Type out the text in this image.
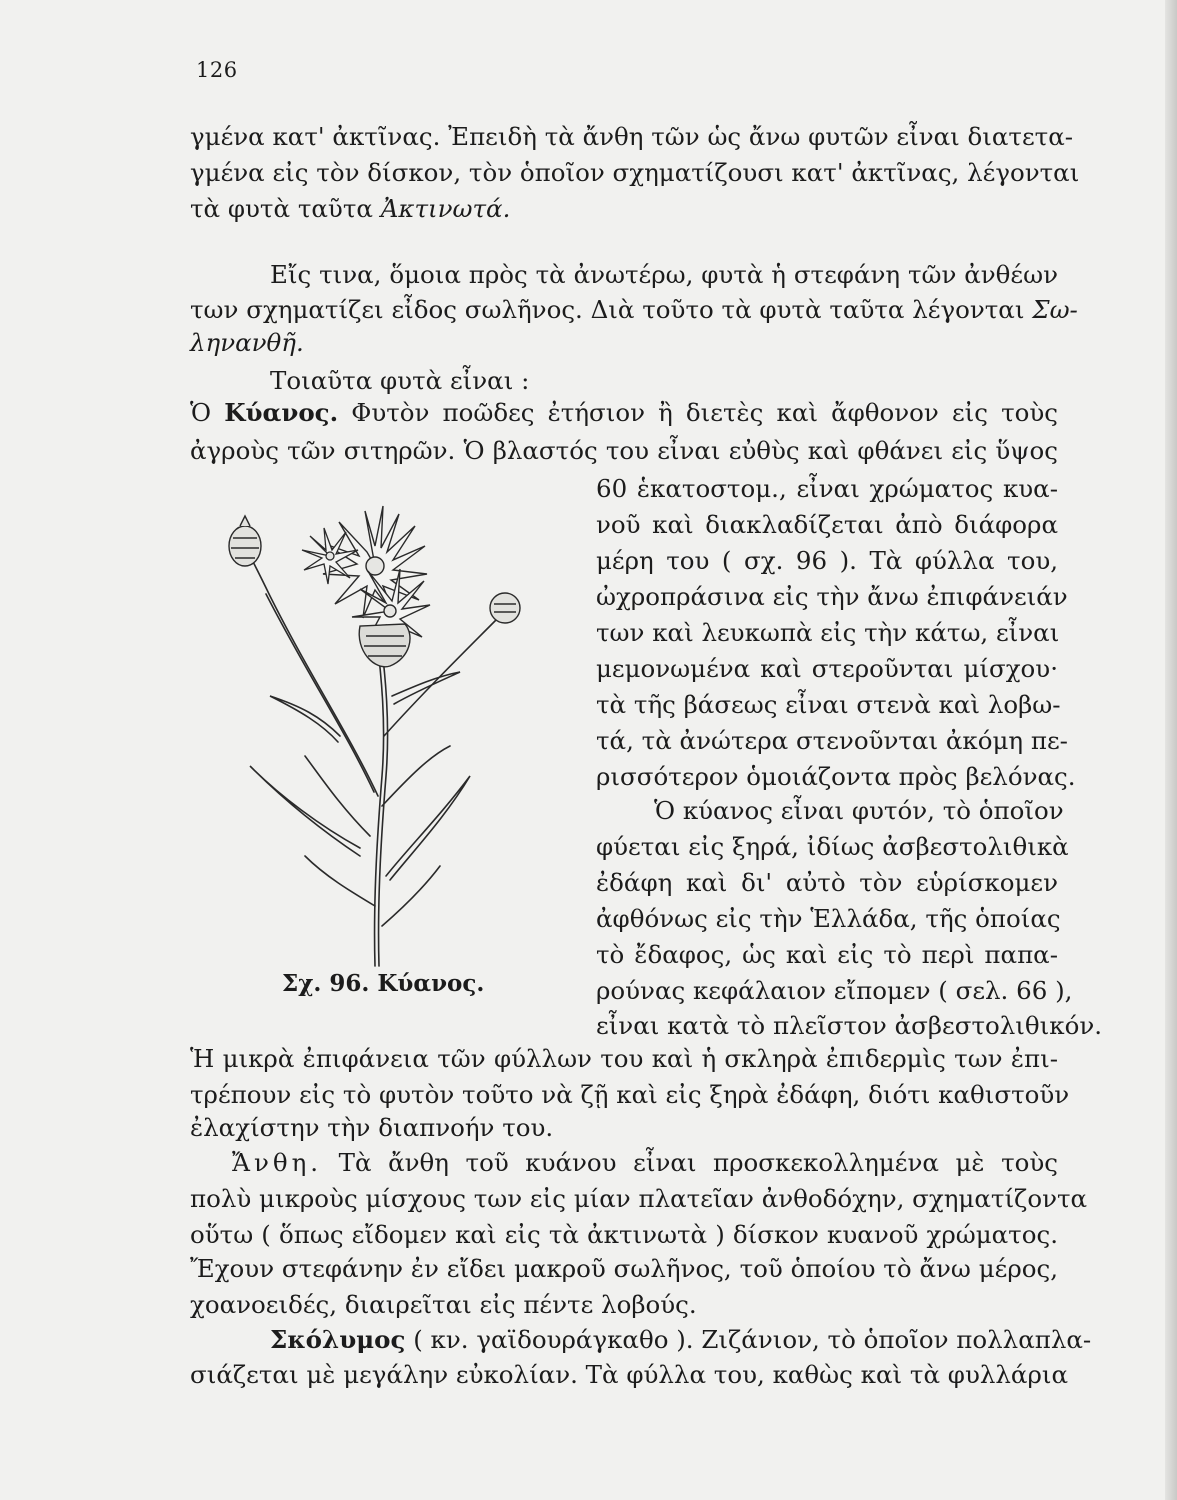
126
γμένα κατ' ἀκτῖνας. Ἐπειδὴ τὰ ἄνθη τῶν ὡς ἄνω φυτῶν εἶναι διατετα-
γμένα εἰς τὸν δίσκον, τὸν ὁποῖον σχηματίζουσι κατ' ἀκτῖνας, λέγονται
τὰ φυτὰ ταῦτα Ἀκτινωτά.
Εἴς τινα, ὅμοια πρὸς τὰ ἀνωτέρω, φυτὰ ἡ στεφάνη τῶν ἀνθέων
των σχηματίζει εἶδος σωλῆνος. Διὰ τοῦτο τὰ φυτὰ ταῦτα λέγονται Σω-
ληνανθῆ.
Τοιαῦτα φυτὰ εἶναι :
Ὁ Κύανος. Φυτὸν ποῶδες ἐτήσιον ἢ διετὲς καὶ ἄφθονον εἰς τοὺς
ἀγροὺς τῶν σιτηρῶν. Ὁ βλαστός του εἶναι εὐθὺς καὶ φθάνει εἰς ὕψος
60 ἑκατοστομ., εἶναι χρώματος κυα-
νοῦ καὶ διακλαδίζεται ἀπὸ διάφορα
μέρη του ( σχ. 96 ). Τὰ φύλλα του,
ὠχροπράσινα εἰς τὴν ἄνω ἐπιφάνειάν
των καὶ λευκωπὰ εἰς τὴν κάτω, εἶναι
μεμονωμένα καὶ στεροῦνται μίσχου·
τὰ τῆς βάσεως εἶναι στενὰ καὶ λοβω-
τά, τὰ ἀνώτερα στενοῦνται ἀκόμη πε-
ρισσότερον ὁμοιάζοντα πρὸς βελόνας.
Ὁ κύανος εἶναι φυτόν, τὸ ὁποῖον
φύεται εἰς ξηρά, ἰδίως ἀσβεστολιθικὰ
ἐδάφη καὶ δι' αὐτὸ τὸν εὑρίσκομεν
ἀφθόνως εἰς τὴν Ἑλλάδα, τῆς ὁποίας
τὸ ἔδαφος, ὡς καὶ εἰς τὸ περὶ παπα-
ρούνας κεφάλαιον εἴπομεν ( σελ. 66 ),
εἶναι κατὰ τὸ πλεῖστον ἀσβεστολιθικόν.
Σχ. 96. Κύανος.
Ἡ μικρὰ ἐπιφάνεια τῶν φύλλων του καὶ ἡ σκληρὰ ἐπιδερμὶς των ἐπι-
τρέπουν εἰς τὸ φυτὸν τοῦτο νὰ ζῇ καὶ εἰς ξηρὰ ἐδάφη, διότι καθιστοῦν
ἐλαχίστην τὴν διαπνοήν του.
Ἄνθη. Τὰ ἄνθη τοῦ κυάνου εἶναι προσκεκολλημένα μὲ τοὺς
πολὺ μικροὺς μίσχους των εἰς μίαν πλατεῖαν ἀνθοδόχην, σχηματίζοντα
οὕτω ( ὅπως εἴδομεν καὶ εἰς τὰ ἀκτινωτὰ ) δίσκον κυανοῦ χρώματος.
Ἔχουν στεφάνην ἐν εἴδει μακροῦ σωλῆνος, τοῦ ὁποίου τὸ ἄνω μέρος,
χοανοειδές, διαιρεῖται εἰς πέντε λοβούς.
Σκόλυμος ( κν. γαϊδουράγκαθο ). Ζιζάνιον, τὸ ὁποῖον πολλαπλα-
σιάζεται μὲ μεγάλην εὐκολίαν. Τὰ φύλλα του, καθὼς καὶ τὰ φυλλάρια
